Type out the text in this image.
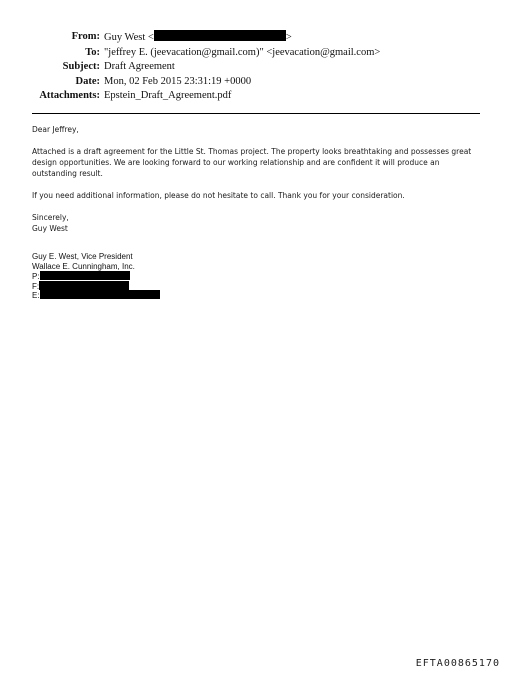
From: Guy West <	>
To: "jeffrey E. (jeevacation@gmail.com)" <jeevacation@gmail.com>
Subject: Draft Agreement
Date: Mon, 02 Feb 2015 23:31:19 +0000
Attachments: Epstein_Draft_Agreement.pdf
Dear Jeffrey,
Attached is a draft agreement for the Little St. Thomas project. The property looks breathtaking and possesses great
design opportunities. We are looking forward to our working relationship and are confident it will produce an
outstanding result.
If you need additional information, please do not hesitate to call. Thank you for your consideration.
Sincerely,
Guy West
Guy E. West, Vice President
Wallace E. Cunningham, Inc.
P:
F:
E:
EFTA00865170
